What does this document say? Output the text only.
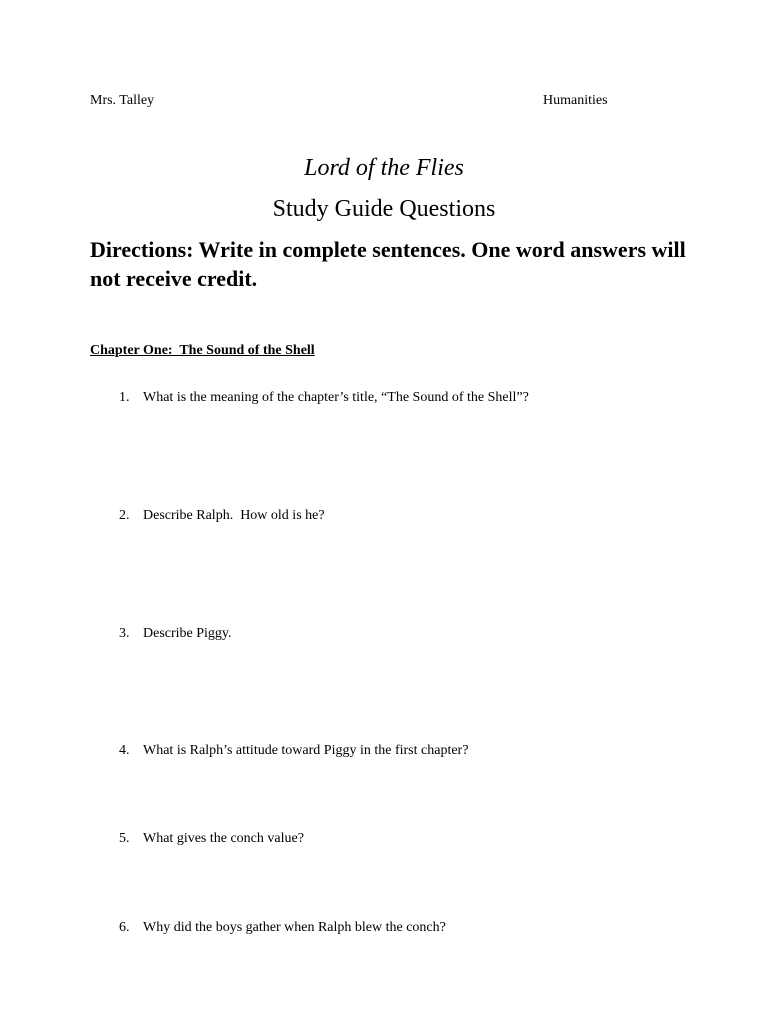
Mrs. Talley	Humanities
Lord of the Flies
Study Guide Questions
Directions: Write in complete sentences. One word answers will not receive credit.
Chapter One:  The Sound of the Shell

1. What is the meaning of the chapter’s title, “The Sound of the Shell”?

2. Describe Ralph.  How old is he?

3. Describe Piggy.

4. What is Ralph’s attitude toward Piggy in the first chapter?

5. What gives the conch value?

6. Why did the boys gather when Ralph blew the conch?
